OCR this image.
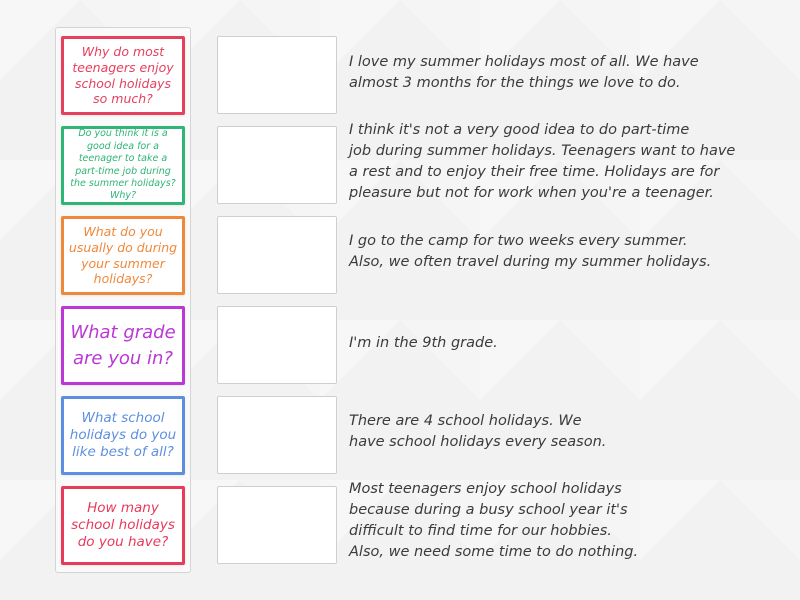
Why do most teenagers enjoy school holidays so much?
Do you think it is a good idea for a teenager to take a part-time job during the summer holidays? Why?
What do you usually do during your summer holidays?
What grade are you in?
What school holidays do you like best of all?
How many school holidays do you have?
I love my summer holidays most of all. We have
almost 3 months for the things we love to do.
I think it's not a very good idea to do part-time
job during summer holidays. Teenagers want to have
a rest and to enjoy their free time. Holidays are for
pleasure but not for work when you're a teenager.
I go to the camp for two weeks every summer.
Also, we often travel during my summer holidays.
I'm in the 9th grade.
There are 4 school holidays. We
have school holidays every season.
Most teenagers enjoy school holidays
because during a busy school year it's
difficult to find time for our hobbies.
Also, we need some time to do nothing.
